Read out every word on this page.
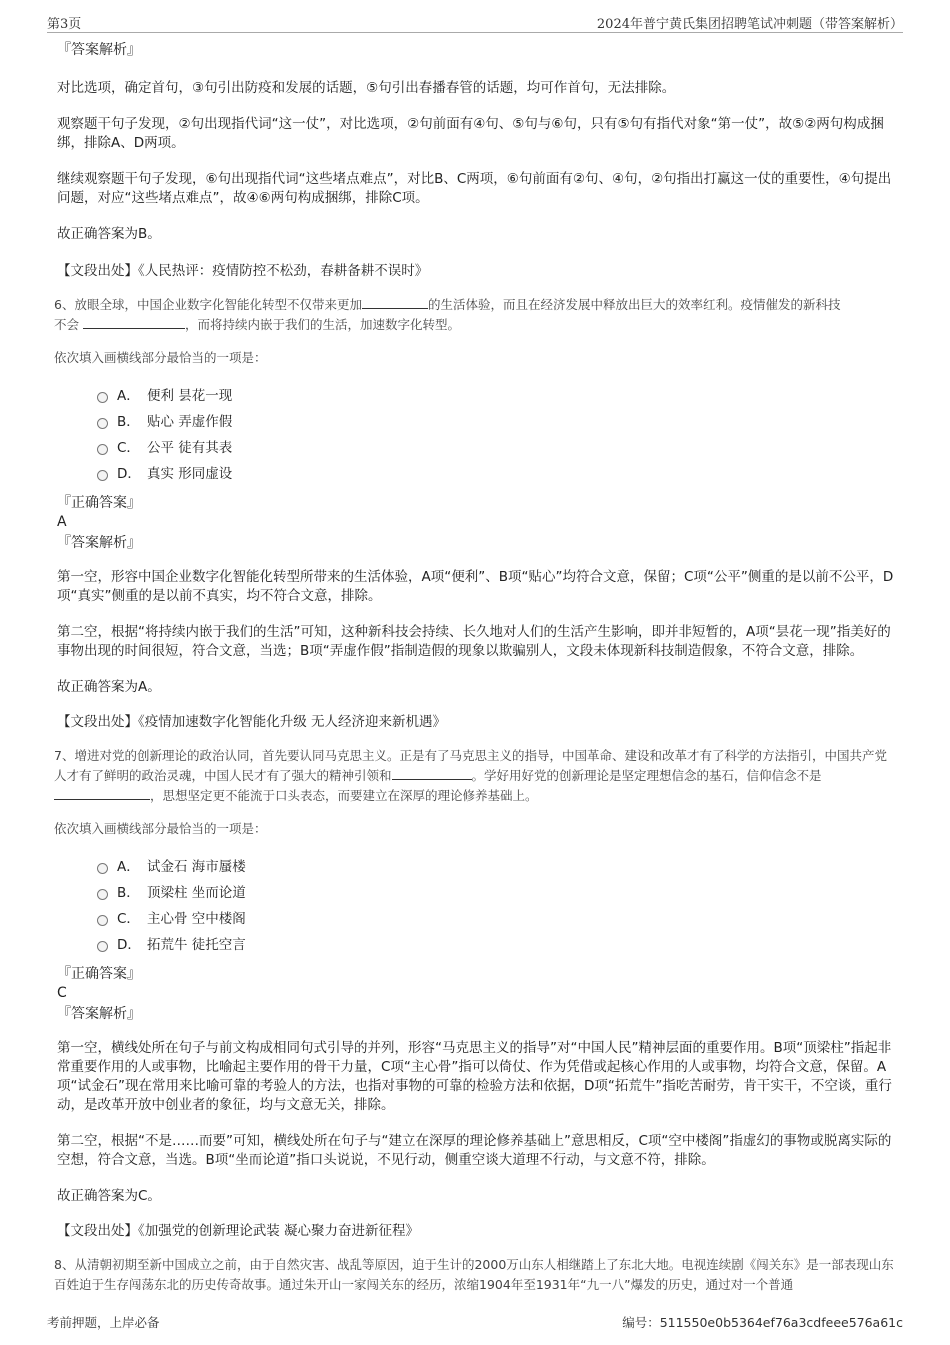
第3页	2024年普宁黄氏集团招聘笔试冲刺题（带答案解析）
『答案解析』

对比选项，确定首句，③句引出防疫和发展的话题，⑤句引出春播春管的话题，均可作首句，无法排除。

观察题干句子发现，②句出现指代词“这一仗”，对比选项，②句前面有④句、⑤句与⑥句，只有⑤句有指代对象“第一仗”，故⑤②两句构成捆绑，排除A、D两项。

继续观察题干句子发现，⑥句出现指代词“这些堵点难点”，对比B、C两项，⑥句前面有②句、④句，②句指出打赢这一仗的重要性，④句提出问题，对应“这些堵点难点”，故④⑥两句构成捆绑，排除C项。

故正确答案为B。

【文段出处】《人民热评：疫情防控不松劲，春耕备耕不误时》
6、放眼全球，中国企业数字化智能化转型不仅带来更加	的生活体验，而且在经济发展中释放出巨大的效率红利。疫情催发的新科技
不会	，而将持续内嵌于我们的生活，加速数字化转型。
依次填入画横线部分最恰当的一项是：
A． 便利 昙花一现
B． 贴心 弄虚作假
C． 公平 徒有其表
D． 真实 形同虚设
『正确答案』
A
『答案解析』

第一空，形容中国企业数字化智能化转型所带来的生活体验，A项“便利”、B项“贴心”均符合文意，保留；C项“公平”侧重的是以前不公平，D项“真实”侧重的是以前不真实，均不符合文意，排除。

第二空，根据“将持续内嵌于我们的生活”可知，这种新科技会持续、长久地对人们的生活产生影响，即并非短暂的，A项“昙花一现”指美好的事物出现的时间很短，符合文意，当选；B项“弄虚作假”指制造假的现象以欺骗别人，文段未体现新科技制造假象，不符合文意，排除。

故正确答案为A。

【文段出处】《疫情加速数字化智能化升级 无人经济迎来新机遇》
7、增进对党的创新理论的政治认同，首先要认同马克思主义。正是有了马克思主义的指导，中国革命、建设和改革才有了科学的方法指引，中国共产党人才有了鲜明的政治灵魂，中国人民才有了强大的精神引领和	。学好用好党的创新理论是坚定理想信念的基石，信仰信念不是 ，思想坚定更不能流于口头表态，而要建立在深厚的理论修养基础上。
依次填入画横线部分最恰当的一项是：
A． 试金石 海市蜃楼
B． 顶梁柱 坐而论道
C． 主心骨 空中楼阁
D． 拓荒牛 徒托空言
『正确答案』
C
『答案解析』

第一空，横线处所在句子与前文构成相同句式引导的并列，形容“马克思主义的指导”对“中国人民”精神层面的重要作用。B项“顶梁柱”指起非常重要作用的人或事物，比喻起主要作用的骨干力量，C项“主心骨”指可以倚仗、作为凭借或起核心作用的人或事物，均符合文意，保留。A项“试金石”现在常用来比喻可靠的考验人的方法，也指对事物的可靠的检验方法和依据，D项“拓荒牛”指吃苦耐劳，肯干实干，不空谈，重行动，是改革开放中创业者的象征，均与文意无关，排除。

第二空，根据“不是……而要”可知，横线处所在句子与“建立在深厚的理论修养基础上”意思相反，C项“空中楼阁”指虚幻的事物或脱离实际的空想，符合文意，当选。B项“坐而论道”指口头说说，不见行动，侧重空谈大道理不行动，与文意不符，排除。

故正确答案为C。

【文段出处】《加强党的创新理论武装 凝心聚力奋进新征程》
8、从清朝初期至新中国成立之前，由于自然灾害、战乱等原因，迫于生计的2000万山东人相继踏上了东北大地。电视连续剧《闯关东》是一部表现山东百姓迫于生存闯荡东北的历史传奇故事。通过朱开山一家闯关东的经历，浓缩1904年至1931年“九一八”爆发的历史，通过对一个普通
考前押题，上岸必备	编号：511550e0b5364ef76a3cdfeee576a61c
